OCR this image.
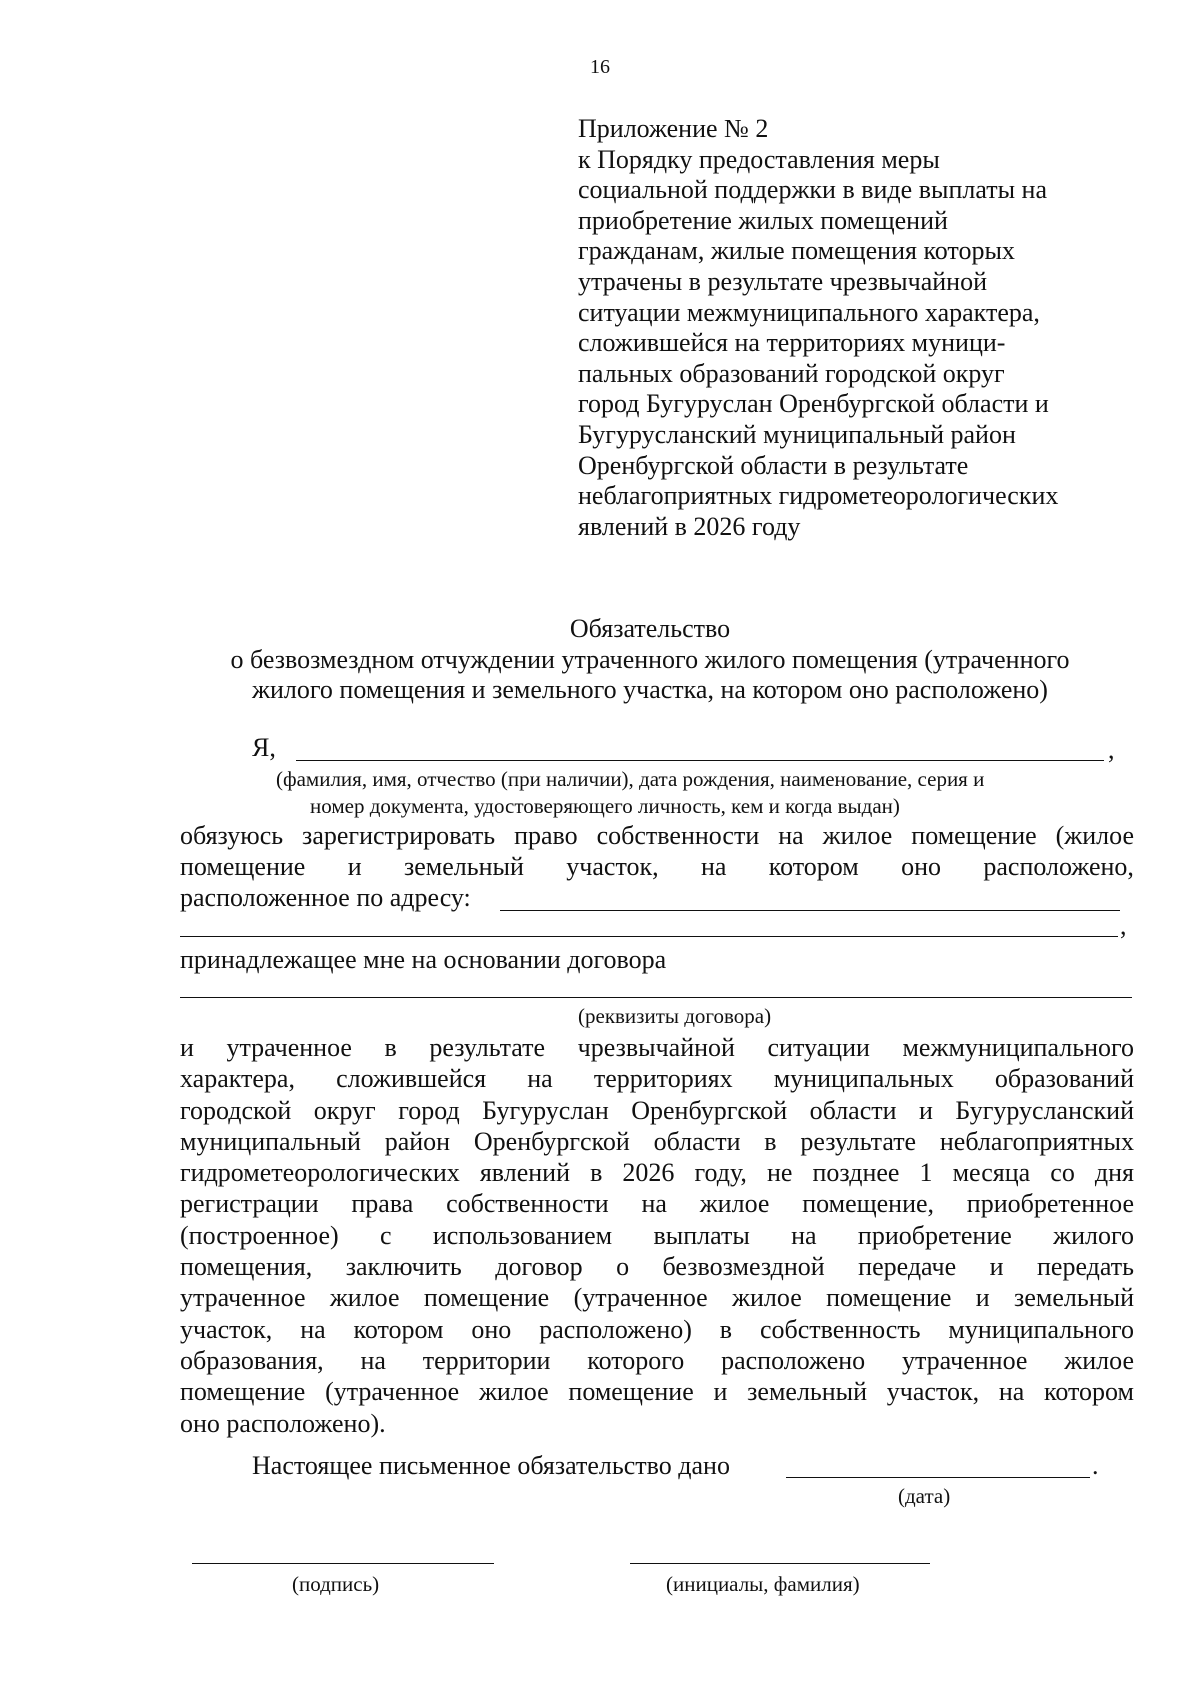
16
Приложение № 2
к Порядку предоставления меры
социальной поддержки в виде выплаты на
приобретение жилых помещений
гражданам, жилые помещения которых
утрачены в результате чрезвычайной
ситуации межмуниципального характера,
сложившейся на территориях муници-
пальных образований городской округ
город Бугуруслан Оренбургской области и
Бугурусланский муниципальный район
Оренбургской области в результате
неблагоприятных гидрометеорологических
явлений в 2026 году
Обязательство
о безвозмездном отчуждении утраченного жилого помещения (утраченного
жилого помещения и земельного участка, на котором оно расположено)
Я,	,
(фамилия, имя, отчество (при наличии), дата рождения, наименование, серия и
номер документа, удостоверяющего личность, кем и когда выдан)
обязуюсь зарегистрировать право собственности на жилое помещение (жилое
помещение и земельный участок, на котором оно расположено,
расположенное по адресу:
,
принадлежащее мне на основании договора
(реквизиты договора)
и утраченное в результате чрезвычайной ситуации межмуниципального
характера, сложившейся на территориях муниципальных образований
городской округ город Бугуруслан Оренбургской области и Бугурусланский
муниципальный район Оренбургской области в результате неблагоприятных
гидрометеорологических явлений в 2026 году, не позднее 1 месяца со дня
регистрации права собственности на жилое помещение, приобретенное
(построенное) с использованием выплаты на приобретение жилого
помещения, заключить договор о безвозмездной передаче и передать
утраченное жилое помещение (утраченное жилое помещение и земельный
участок, на котором оно расположено) в собственность муниципального
образования, на территории которого расположено утраченное жилое
помещение (утраченное жилое помещение и земельный участок, на котором
оно расположено).
Настоящее письменное обязательство дано	.
(дата)
(подпись)	(инициалы, фамилия)
